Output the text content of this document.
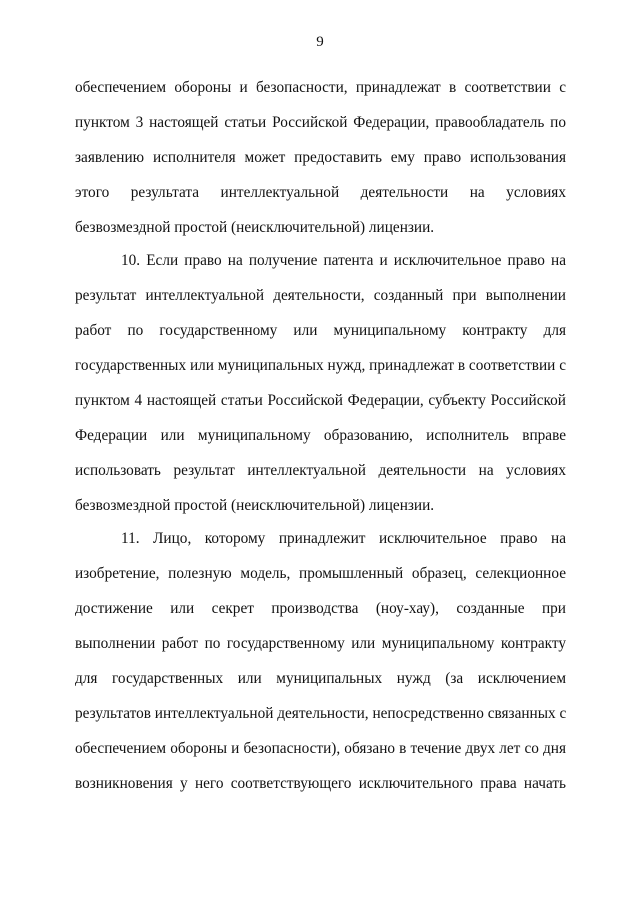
9
обеспечением обороны и безопасности, принадлежат в соответствии с
пунктом 3 настоящей статьи Российской Федерации, правообладатель по
заявлению исполнителя может предоставить ему право использования
этого результата интеллектуальной деятельности на условиях
безвозмездной простой (неисключительной) лицензии.
10. Если право на получение патента и исключительное право на
результат интеллектуальной деятельности, созданный при выполнении
работ по государственному или муниципальному контракту для
государственных или муниципальных нужд, принадлежат в соответствии с
пунктом 4 настоящей статьи Российской Федерации, субъекту Российской
Федерации или муниципальному образованию, исполнитель вправе
использовать результат интеллектуальной деятельности на условиях
безвозмездной простой (неисключительной) лицензии.
11. Лицо, которому принадлежит исключительное право на
изобретение, полезную модель, промышленный образец, селекционное
достижение или секрет производства (ноу-хау), созданные при
выполнении работ по государственному или муниципальному контракту
для государственных или муниципальных нужд (за исключением
результатов интеллектуальной деятельности, непосредственно связанных с
обеспечением обороны и безопасности), обязано в течение двух лет со дня
возникновения у него соответствующего исключительного права начать
